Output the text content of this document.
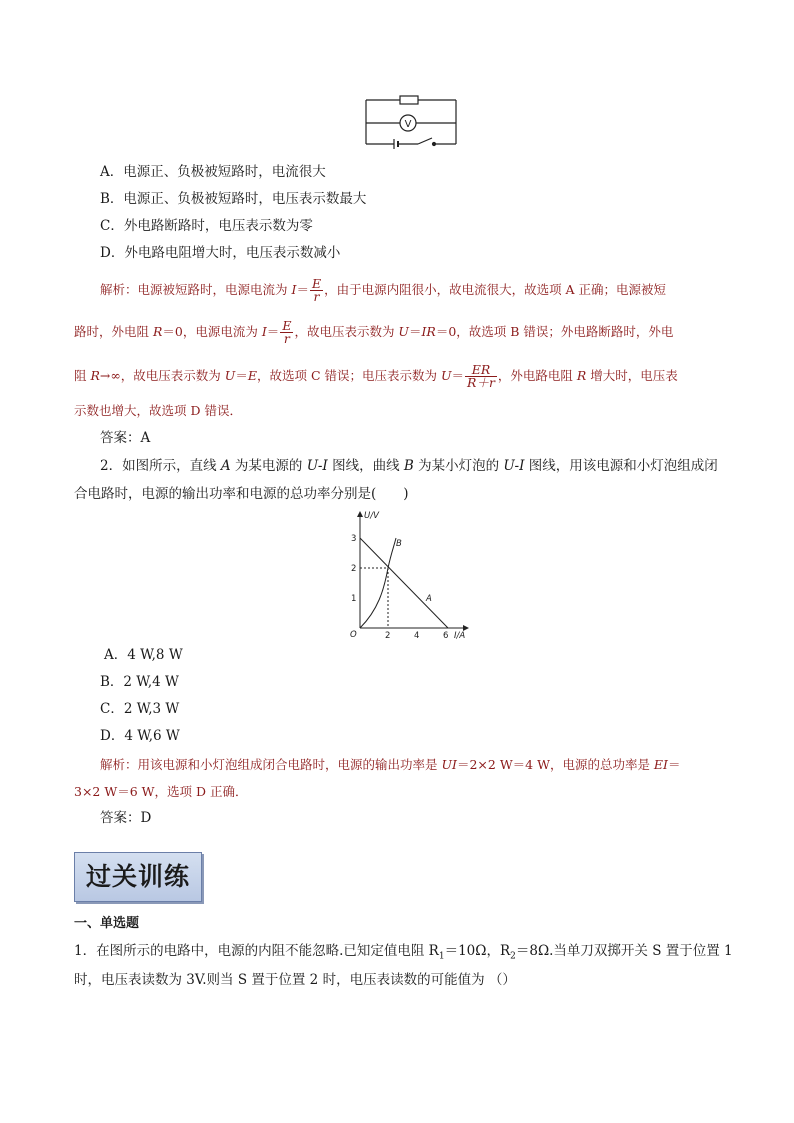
V
A．电源正、负极被短路时，电流很大
B．电源正、负极被短路时，电压表示数最大
C．外电路断路时，电压表示数为零
D．外电路电阻增大时，电压表示数减小
解析：电源被短路时，电源电流为 $I= \frac{E}{r}$ ，由于电源内阻很小，故电流很大，故选项 A 正确；电源被短
路时，外电阻 R＝0，电源电流为 $I= \frac{E}{r}$ ，故电压表示数为 U＝IR＝0，故选项 B 错误；外电路断路时，外电
阻 R→∞，故电压表示数为 U＝E，故选项 C 错误；电压表示数为 $U= \frac{ER}{R+r}$ ，外电路电阻 R 增大时，电压表
示数也增大，故选项 D 错误．
答案：A
2．如图所示，直线 A 为某电源的 U-I 图线，曲线 B 为某小灯泡的 U-I 图线，用该电源和小灯泡组成闭
合电路时，电源的输出功率和电源的总功率分别是(　　)
U/V
I/A
O
1
2
3
2	4	6
A
B
A．4 W,8 W
B．2 W,4 W
C．2 W,3 W
D．4 W,6 W
解析：用该电源和小灯泡组成闭合电路时，电源的输出功率是 UI＝2×2 W＝4 W，电源的总功率是 EI＝
3×2 W＝6 W，选项 D 正确．
答案：D
过关训练
一、单选题
1．在图所示的电路中，电源的内阻不能忽略.已知定值电阻 $R_1=10\Omega$，$R_2=8\Omega$.当单刀双掷开关 S 置于位置 1
时，电压表读数为 3V.则当 S 置于位置 2 时，电压表读数的可能值为 （）
